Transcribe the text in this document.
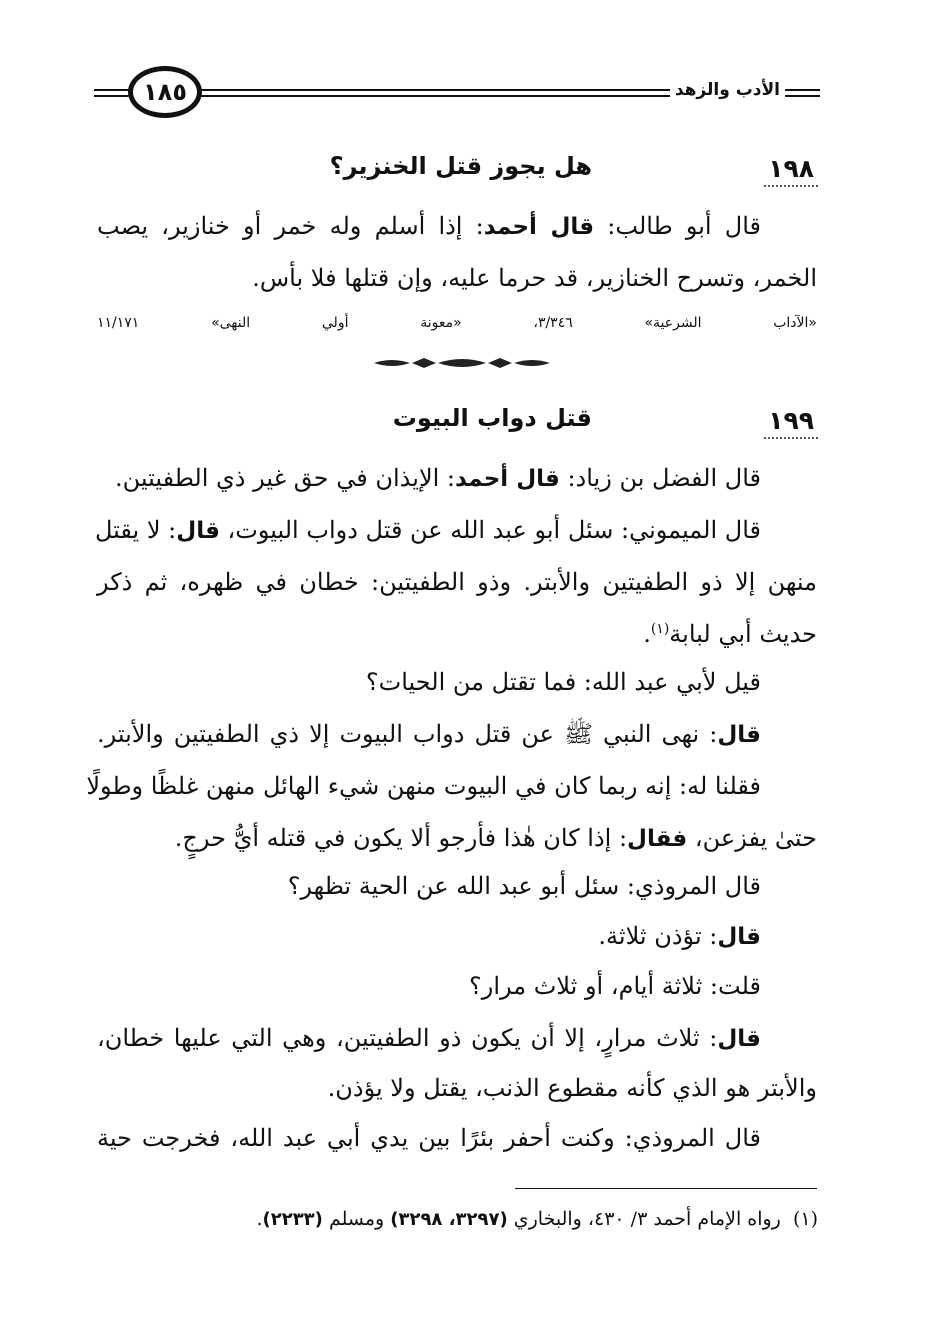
الأدب والزهد
١٨٥
١٩٨
هل يجوز قتل الخنزير؟
قال أبو طالب: قال أحمد: إذا أسلم وله خمر أو خنازير، يصب
الخمر، وتسرح الخنازير، قد حرما عليه، وإن قتلها فلا بأس.
«الآداب الشرعية» ٣/٣٤٦، «معونة أولي النهى» ١١/١٧١
١٩٩
قتل دواب البيوت
قال الفضل بن زياد: قال أحمد: الإيذان في حق غير ذي الطفيتين.
قال الميموني: سئل أبو عبد الله عن قتل دواب البيوت، قال: لا يقتل
منهن إلا ذو الطفيتين والأبتر. وذو الطفيتين: خطان في ظهره، ثم ذكر
حديث أبي لبابة$^{(١)}$.
قيل لأبي عبد الله: فما تقتل من الحيات؟
قال: نهى النبي ﷺ عن قتل دواب البيوت إلا ذي الطفيتين والأبتر.
فقلنا له: إنه ربما كان في البيوت منهن شيء الهائل منهن غلظًا وطولًا
حتىٰ يفزعن، فقال: إذا كان هٰذا فأرجو ألا يكون في قتله أيُّ حرجٍ.
قال المروذي: سئل أبو عبد الله عن الحية تظهر؟
قال: تؤذن ثلاثة.
قلت: ثلاثة أيام، أو ثلاث مرار؟
قال: ثلاث مرارٍ، إلا أن يكون ذو الطفيتين، وهي التي عليها خطان،
والأبتر هو الذي كأنه مقطوع الذنب، يقتل ولا يؤذن.
قال المروذي: وكنت أحفر بئرًا بين يدي أبي عبد الله، فخرجت حية
(١)  رواه الإمام أحمد ٣/ ٤٣٠، والبخاري (٣٢٩٧، ٣٢٩٨) ومسلم (٢٢٣٣).
